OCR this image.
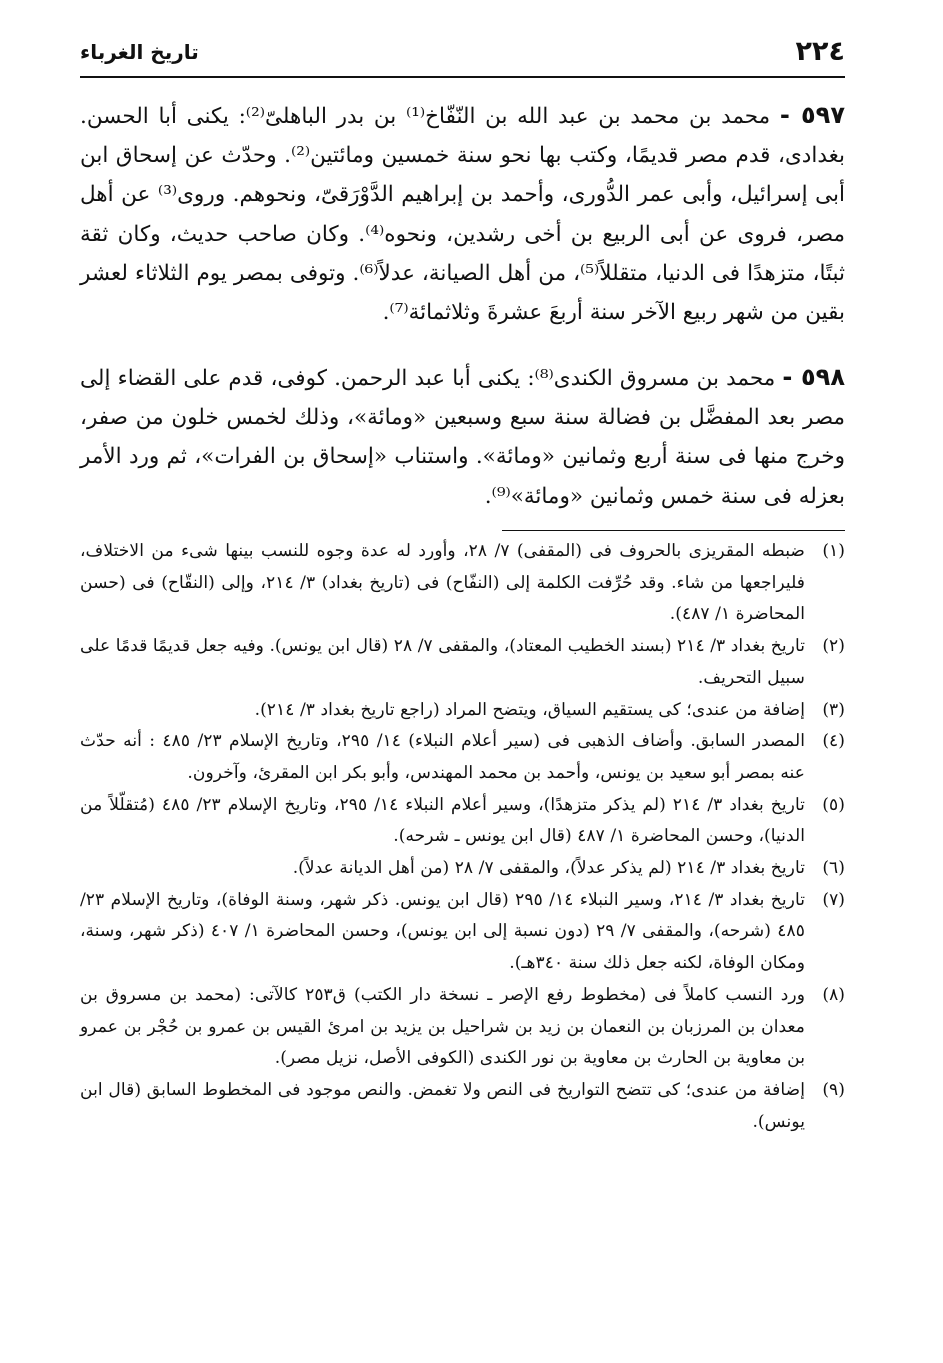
تاريخ الغرباء	٢٢٤
٥٩٧ - محمد بن محمد بن عبد الله بن النّفّاخ⁽¹⁾ بن بدر الباهلىّ⁽²⁾: يكنى أبا الحسن. بغدادى، قدم مصر قديمًا، وكتب بها نحو سنة خمسين ومائتين⁽²⁾. وحدّث عن إسحاق ابن أبى إسرائيل، وأبى عمر الدُّورى، وأحمد بن إبراهيم الدَّوْرَقىّ، ونحوهم. وروى⁽³⁾ عن أهل مصر، فروى عن أبى الربيع بن أخى رشدين، ونحوه⁽⁴⁾. وكان صاحب حديث، وكان ثقة ثبتًا، متزهدًا فى الدنيا، متقللاً⁽⁵⁾، من أهل الصيانة، عدلاً⁽⁶⁾. وتوفى بمصر يوم الثلاثاء لعشر بقين من شهر ربيع الآخر سنة أربعَ عشرةَ وثلاثمائة⁽⁷⁾.
٥٩٨ - محمد بن مسروق الكندى⁽⁸⁾: يكنى أبا عبد الرحمن. كوفى، قدم على القضاء إلى مصر بعد المفضَّل بن فضالة سنة سبع وسبعين «ومائة»، وذلك لخمس خلون من صفر، وخرج منها فى سنة أربع وثمانين «ومائة». واستناب «إسحاق بن الفرات»، ثم ورد الأمر بعزله فى سنة خمس وثمانين «ومائة»⁽⁹⁾.
(١)ضبطه المقريزى بالحروف فى (المقفى) ٧/ ٢٨، وأورد له عدة وجوه للنسب بينها شىء من الاختلاف، فليراجعها من شاء. وقد حُرِّفت الكلمة إلى (النفّاح) فى (تاريخ بغداد) ٣/ ٢١٤، وإلى (النقّاح) فى (حسن المحاضرة ١/ ٤٨٧).
(٢)تاريخ بغداد ٣/ ٢١٤ (بسند الخطيب المعتاد)، والمقفى ٧/ ٢٨ (قال ابن يونس). وفيه جعل قديمًا قدمًا على سبيل التحريف.
(٣)إضافة من عندى؛ كى يستقيم السياق، ويتضح المراد (راجع تاريخ بغداد ٣/ ٢١٤).
(٤)المصدر السابق. وأضاف الذهبى فى (سير أعلام النبلاء) ١٤/ ٢٩٥، وتاريخ الإسلام ٢٣/ ٤٨٥ : أنه حدّث عنه بمصر أبو سعيد بن يونس، وأحمد بن محمد المهندس، وأبو بكر ابن المقرئ، وآخرون.
(٥)تاريخ بغداد ٣/ ٢١٤ (لم يذكر متزهدًا)، وسير أعلام النبلاء ١٤/ ٢٩٥، وتاريخ الإسلام ٢٣/ ٤٨٥ (مُتقلّلاً من الدنيا)، وحسن المحاضرة ١/ ٤٨٧ (قال ابن يونس ـ شرحه).
(٦)تاريخ بغداد ٣/ ٢١٤ (لم يذكر عدلاً)، والمقفى ٧/ ٢٨ (من أهل الديانة عدلاً).
(٧)تاريخ بغداد ٣/ ٢١٤، وسير النبلاء ١٤/ ٢٩٥ (قال ابن يونس. ذكر شهر، وسنة الوفاة)، وتاريخ الإسلام ٢٣/ ٤٨٥ (شرحه)، والمقفى ٧/ ٢٩ (دون نسبة إلى ابن يونس)، وحسن المحاضرة ١/ ٤٠٧ (ذكر شهر، وسنة، ومكان الوفاة، لكنه جعل ذلك سنة ٣٤٠هـ).
(٨)ورد النسب كاملاً فى (مخطوط رفع الإصر ـ نسخة دار الكتب) ق٢٥٣ كالآتى: (محمد بن مسروق بن معدان بن المرزبان بن النعمان بن زيد بن شراحيل بن يزيد بن امرئ القيس بن عمرو بن حُجْر بن عمرو بن معاوية بن الحارث بن معاوية بن نور الكندى (الكوفى الأصل، نزيل مصر).
(٩)إضافة من عندى؛ كى تتضح التواريخ فى النص ولا تغمض. والنص موجود فى المخطوط السابق (قال ابن يونس).
